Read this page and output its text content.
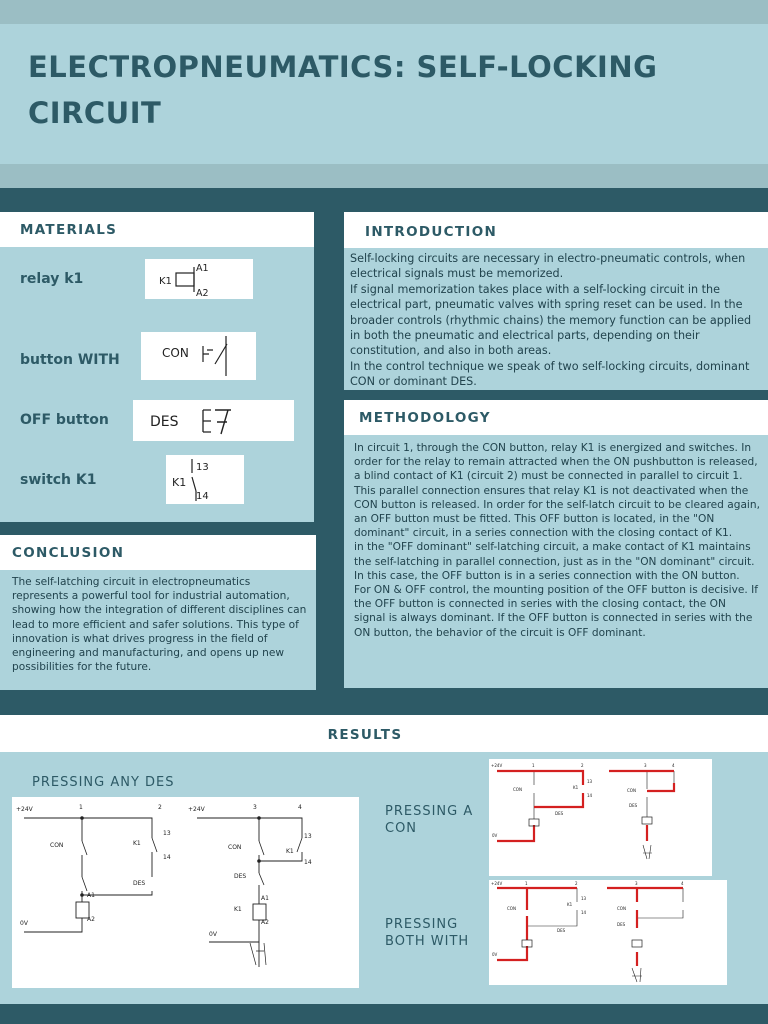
ELECTROPNEUMATICS: SELF-LOCKING CIRCUIT
MATERIALS
relay k1	K1
A1
A2
button WITH	CON
OFF button	DES
switch K1	K1
13
14
CONCLUSION
The self-latching circuit in electropneumatics represents a powerful tool for industrial automation, showing how the integration of different disciplines can lead to more efficient and safer solutions. This type of innovation is what drives progress in the field of engineering and manufacturing, and opens up new possibilities for the future.
INTRODUCTION
Self-locking circuits are necessary in electro-pneumatic controls, when electrical signals must be memorized.
If signal memorization takes place with a self-locking circuit in the electrical part, pneumatic valves with spring reset can be used. In the broader controls (rhythmic chains) the memory function can be applied in both the pneumatic and electrical parts, depending on their constitution, and also in both areas.
In the control technique we speak of two self-locking circuits, dominant CON or dominant DES.
METHODOLOGY
In circuit 1, through the CON button, relay K1 is energized and switches. In order for the relay to remain attracted when the ON pushbutton is released, a blind contact of K1 (circuit 2) must be connected in parallel to circuit 1.
This parallel connection ensures that relay K1 is not deactivated when the CON button is released. In order for the self-latch circuit to be cleared again, an OFF button must be fitted. This OFF button is located, in the "ON dominant" circuit, in a series connection with the closing contact of K1.
in the "OFF dominant" self-latching circuit, a make contact of K1 maintains the self-latching in parallel connection, just as in the "ON dominant" circuit. In this case, the OFF button is in a series connection with the ON button.
For ON & OFF control, the mounting position of the OFF button is decisive. If the OFF button is connected in series with the closing contact, the ON signal is always dominant. If the OFF button is connected in series with the ON button, the behavior of the circuit is OFF dominant.
RESULTS
PRESSING ANY DES
PRESSING A CON
PRESSING BOTH WITH
+24V	+24V
1	2	3	4
CON	CON
K1
K1
13
14
13
14
DES
DES
A1
A2
K1
A1
A2
0V
0V
+24V	1	2	3	4
CON	CON
K1
DES
DES
0V
13
14
+24V	1	2	3	4
CON	CON
K1
DES
DES
0V
13
14
